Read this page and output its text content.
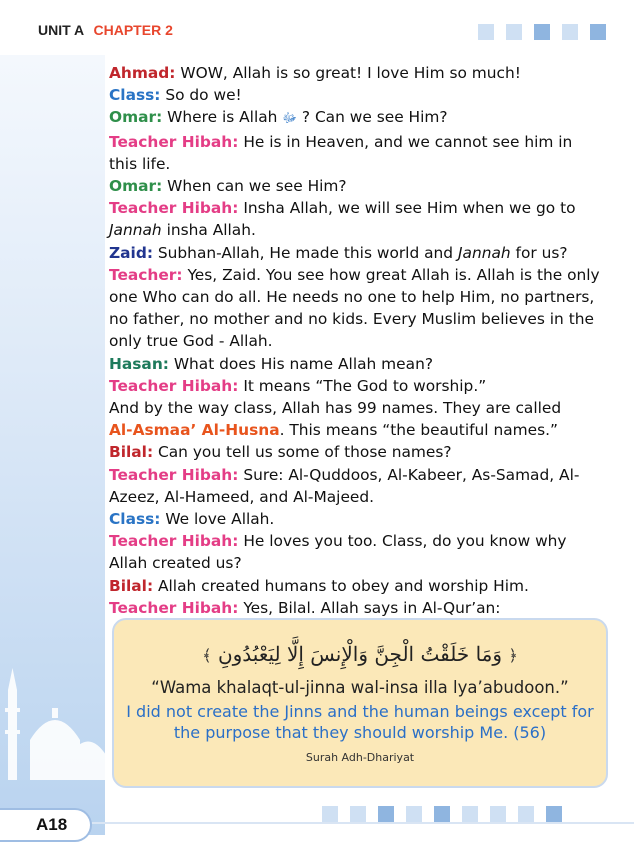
UNIT A CHAPTER 2
Ahmad: WOW, Allah is so great! I love Him so much!
Class: So do we!
Omar: Where is Allah ﷻ ? Can we see Him?
Teacher Hibah: He is in Heaven, and we cannot see him in this life.
Omar: When can we see Him?
Teacher Hibah: Insha Allah, we will see Him when we go to Jannah insha Allah.
Zaid: Subhan-Allah, He made this world and Jannah for us?
Teacher: Yes, Zaid. You see how great Allah is. Allah is the only one Who can do all. He needs no one to help Him, no partners, no father, no mother and no kids. Every Muslim believes in the only true God - Allah.
Hasan: What does His name Allah mean?
Teacher Hibah: It means “The God to worship.”
And by the way class, Allah has 99 names. They are called
Al-Asmaa’ Al-Husna. This means “the beautiful names.”
Bilal: Can you tell us some of those names?
Teacher Hibah: Sure: Al-Quddoos, Al-Kabeer, As-Samad, Al-Azeez, Al-Hameed, and Al-Majeed.
Class: We love Allah.
Teacher Hibah: He loves you too. Class, do you know why Allah created us?
Bilal: Allah created humans to obey and worship Him.
Teacher Hibah: Yes, Bilal. Allah says in Al-Qur’an:
﴿ وَمَا خَلَقْتُ الْجِنَّ وَالْإِنسَ إِلَّا لِيَعْبُدُونِ ﴾
“Wama khalaqt-ul-jinna wal-insa illa lya’abudoon.”
I did not create the Jinns and the human beings except for the purpose that they should worship Me. (56)
Surah Adh-Dhariyat
A18
